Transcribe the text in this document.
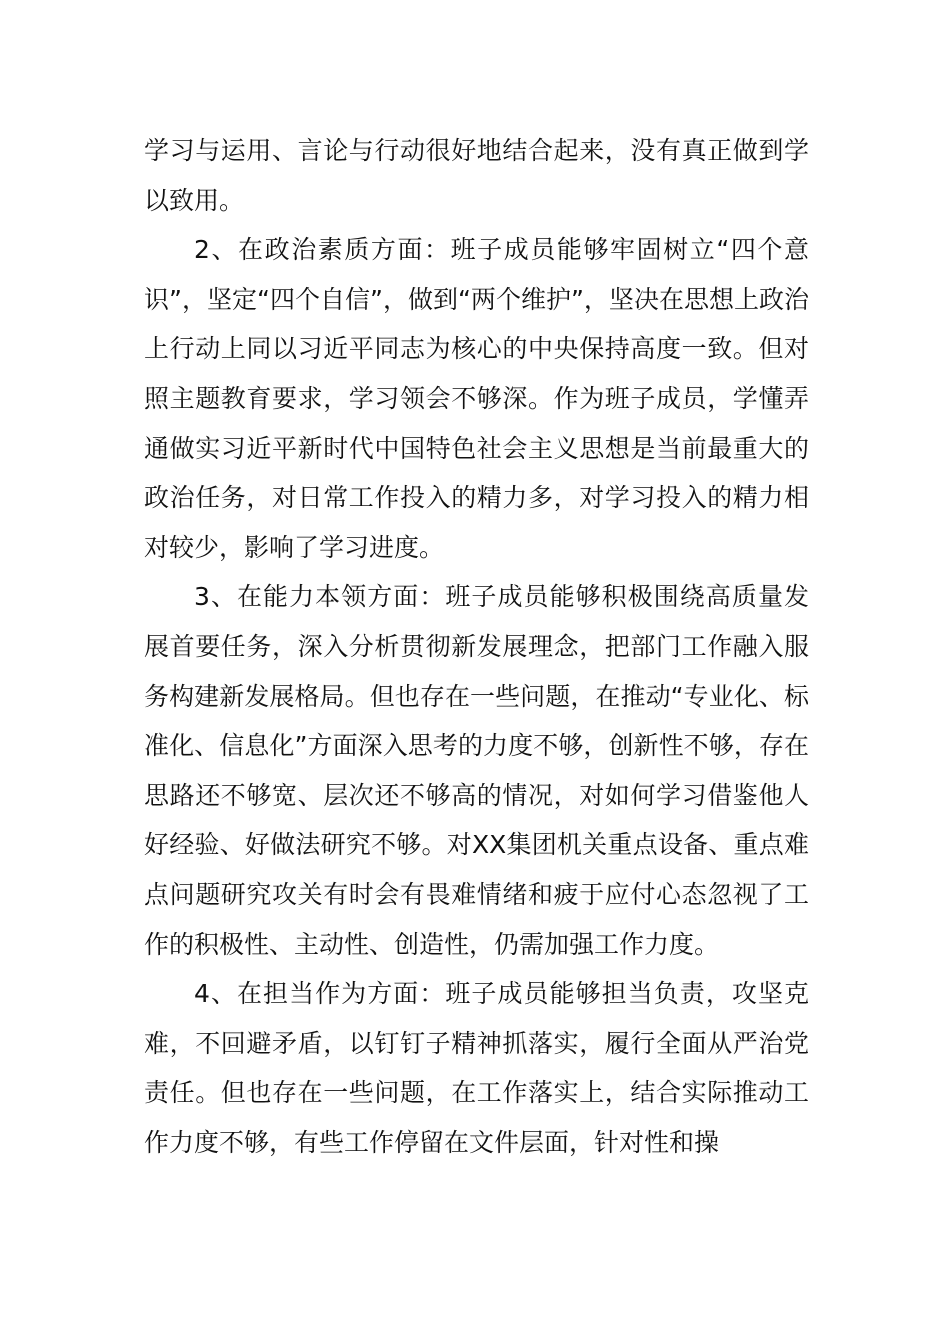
学习与运用、言论与行动很好地结合起来，没有真正做到学以致用。

2、在政治素质方面：班子成员能够牢固树立“四个意识”，坚定“四个自信”，做到“两个维护”，坚决在思想上政治上行动上同以习近平同志为核心的中央保持高度一致。但对照主题教育要求，学习领会不够深。作为班子成员，学懂弄通做实习近平新时代中国特色社会主义思想是当前最重大的政治任务，对日常工作投入的精力多，对学习投入的精力相对较少，影响了学习进度。

3、在能力本领方面：班子成员能够积极围绕高质量发展首要任务，深入分析贯彻新发展理念，把部门工作融入服务构建新发展格局。但也存在一些问题，在推动“专业化、标准化、信息化”方面深入思考的力度不够，创新性不够，存在思路还不够宽、层次还不够高的情况，对如何学习借鉴他人好经验、好做法研究不够。对XX集团机关重点设备、重点难点问题研究攻关有时会有畏难情绪和疲于应付心态忽视了工作的积极性、主动性、创造性，仍需加强工作力度。

4、在担当作为方面：班子成员能够担当负责，攻坚克难，不回避矛盾，以钉钉子精神抓落实，履行全面从严治党责任。但也存在一些问题，在工作落实上，结合实际推动工作力度不够，有些工作停留在文件层面，针对性和操
